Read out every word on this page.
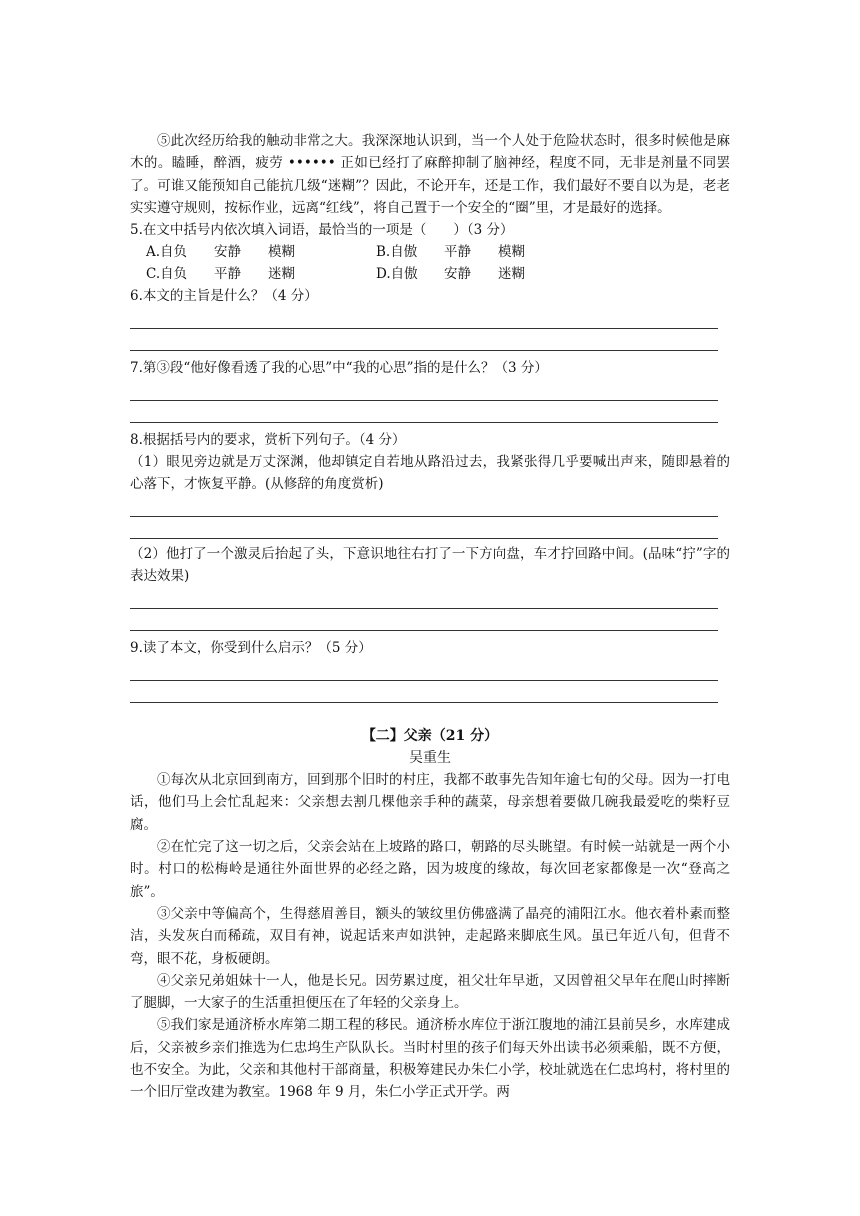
⑤此次经历给我的触动非常之大。我深深地认识到，当一个人处于危险状态时，很多时候他是麻木的。瞌睡，醉酒，疲劳 •••••• 正如已经打了麻醉抑制了脑神经，程度不同，无非是剂量不同罢了。可谁又能预知自己能抗几级“迷糊”？因此，不论开车，还是工作，我们最好不要自以为是，老老实实遵守规则，按标作业，远离“红线”，将自己置于一个安全的“圈”里，才是最好的选择。

5.在文中括号内依次填入词语，最恰当的一项是（　　）（3 分）

A.自负 安静 模糊	B.自傲 平静 模糊
C.自负 平静 迷糊	D.自傲 安静 迷糊

6.本文的主旨是什么？（4 分）

7.第③段“他好像看透了我的心思”中“我的心思”指的是什么？（3 分）

8.根据括号内的要求，赏析下列句子。（4 分）

（1）眼见旁边就是万丈深渊，他却镇定自若地从路沿过去，我紧张得几乎要喊出声来，随即悬着的心落下，才恢复平静。(从修辞的角度赏析)

（2）他打了一个激灵后抬起了头，下意识地往右打了一下方向盘，车才拧回路中间。(品味“拧”字的表达效果)

9.读了本文，你受到什么启示？（5 分）

【二】父亲（21 分）
吴重生

①每次从北京回到南方，回到那个旧时的村庄，我都不敢事先告知年逾七旬的父母。因为一打电话，他们马上会忙乱起来：父亲想去割几棵他亲手种的蔬菜，母亲想着要做几碗我最爱吃的柴籽豆腐。

②在忙完了这一切之后，父亲会站在上坡路的路口，朝路的尽头眺望。有时候一站就是一两个小时。村口的松梅岭是通往外面世界的必经之路，因为坡度的缘故，每次回老家都像是一次“登高之旅”。

③父亲中等偏高个，生得慈眉善目，额头的皱纹里仿佛盛满了晶亮的浦阳江水。他衣着朴素而整洁，头发灰白而稀疏，双目有神，说起话来声如洪钟，走起路来脚底生风。虽已年近八旬，但背不弯，眼不花，身板硬朗。

④父亲兄弟姐妹十一人，他是长兄。因劳累过度，祖父壮年早逝，又因曾祖父早年在爬山时摔断了腿脚，一大家子的生活重担便压在了年轻的父亲身上。

⑤我们家是通济桥水库第二期工程的移民。通济桥水库位于浙江腹地的浦江县前吴乡，水库建成后，父亲被乡亲们推选为仁忠坞生产队队长。当时村里的孩子们每天外出读书必须乘船，既不方便，也不安全。为此，父亲和其他村干部商量，积极筹建民办朱仁小学，校址就选在仁忠坞村，将村里的一个旧厅堂改建为教室。1968 年 9 月，朱仁小学正式开学。两
